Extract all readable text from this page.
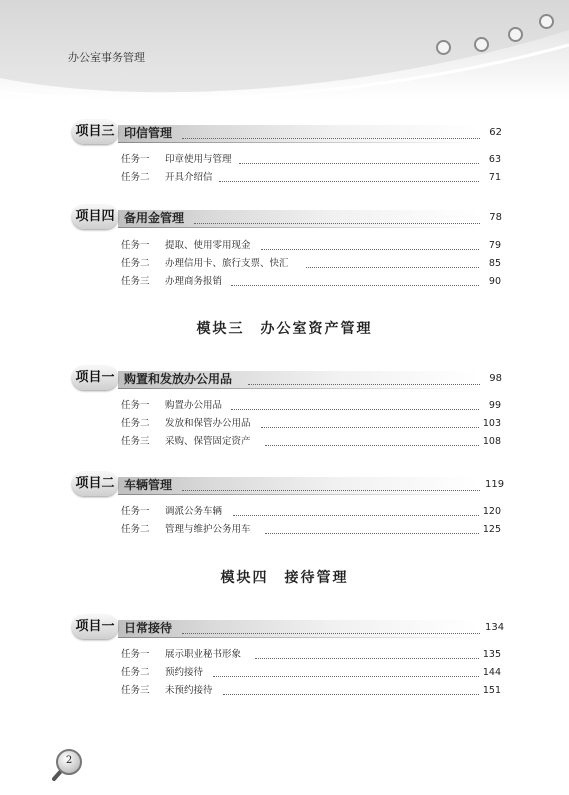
办公室事务管理
项目三 印信管理	62
任务一 印章使用与管理	63
任务二 开具介绍信	71
项目四 备用金管理	78
任务一 提取、使用零用现金	79
任务二 办理信用卡、旅行支票、快汇	85
任务三 办理商务报销	90
模块三　办公室资产管理
项目一 购置和发放办公用品	98
任务一 购置办公用品	99
任务二 发放和保管办公用品	103
任务三 采购、保管固定资产	108
项目二 车辆管理	119
任务一 调派公务车辆	120
任务二 管理与维护公务用车	125
模块四　接待管理
项目一 日常接待	134
任务一 展示职业秘书形象	135
任务二 预约接待	144
任务三 未预约接待	151
2
